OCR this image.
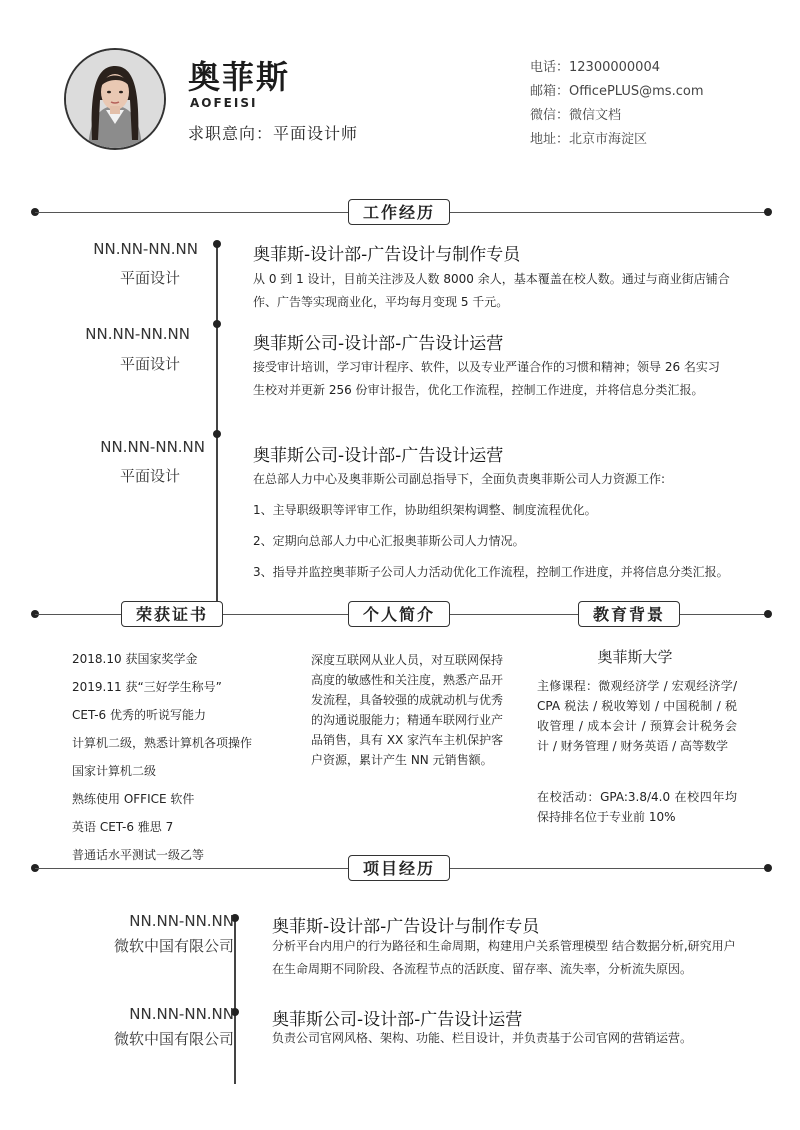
奥菲斯
AOFEISI
求职意向：平面设计师
电话：12300000004
邮箱：OfficePLUS@ms.com
微信：微信文档
地址：北京市海淀区
工作经历
NN.NN-NN.NN
平面设计
奥菲斯-设计部-广告设计与制作专员
从 0 到 1 设计，目前关注涉及人数 8000 余人，基本覆盖在校人数。通过与商业街店铺合作、广告等实现商业化，平均每月变现 5 千元。
NN.NN-NN.NN
平面设计
奥菲斯公司-设计部-广告设计运营
接受审计培训，学习审计程序、软件，以及专业严谨合作的习惯和精神；领导 26 名实习生校对并更新 256 份审计报告，优化工作流程，控制工作进度，并将信息分类汇报。
NN.NN-NN.NN
平面设计
奥菲斯公司-设计部-广告设计运营
在总部人力中心及奥菲斯公司副总指导下，全面负责奥菲斯公司人力资源工作:
1、主导职级职等评审工作，协助组织架构调整、制度流程优化。
2、定期向总部人力中心汇报奥菲斯公司人力情况。
3、指导并监控奥菲斯子公司人力活动优化工作流程，控制工作进度，并将信息分类汇报。
荣获证书	个人简介	教育背景
2018.10 获国家奖学金
2019.11 获“三好学生称号”
CET-6 优秀的听说写能力
计算机二级，熟悉计算机各项操作
国家计算机二级
熟练使用 OFFICE 软件
英语 CET-6 雅思 7
普通话水平测试一级乙等
深度互联网从业人员，对互联网保持高度的敏感性和关注度，熟悉产品开发流程，具备较强的成就动机与优秀的沟通说服能力；精通车联网行业产品销售，具有 XX 家汽车主机保护客户资源，累计产生 NN 元销售额。
奥菲斯大学
主修课程：微观经济学 / 宏观经济学/ CPA 税法 / 税收筹划 / 中国税制 / 税收管理 / 成本会计 / 预算会计税务会计 / 财务管理 / 财务英语 / 高等数学
在校活动：GPA:3.8/4.0 在校四年均保持排名位于专业前 10%
项目经历
NN.NN-NN.NN
微软中国有限公司
奥菲斯-设计部-广告设计与制作专员
分析平台内用户的行为路径和生命周期，构建用户关系管理模型 结合数据分析,研究用户在生命周期不同阶段、各流程节点的活跃度、留存率、流失率，分析流失原因。
NN.NN-NN.NN
微软中国有限公司
奥菲斯公司-设计部-广告设计运营
负责公司官网风格、架构、功能、栏目设计，并负责基于公司官网的营销运营。
